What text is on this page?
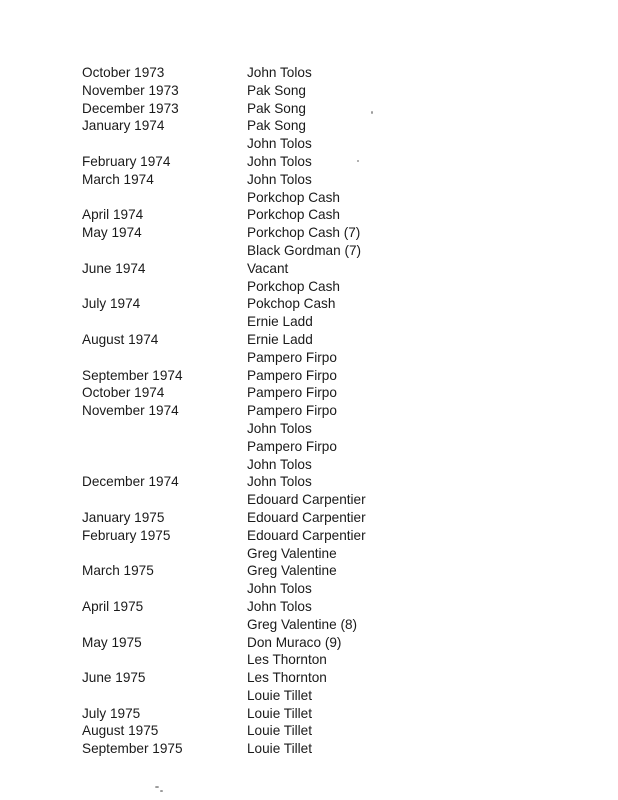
October 1973	John Tolos
November 1973	Pak Song
December 1973	Pak Song
January 1974	Pak Song
John Tolos
February 1974	John Tolos
March 1974	John Tolos
Porkchop Cash
April 1974	Porkchop Cash
May 1974	Porkchop Cash (7)
Black Gordman (7)
June 1974	Vacant
Porkchop Cash
July 1974	Pokchop Cash
Ernie Ladd
August 1974	Ernie Ladd
Pampero Firpo
September 1974	Pampero Firpo
October 1974	Pampero Firpo
November 1974	Pampero Firpo
John Tolos
Pampero Firpo
John Tolos
December 1974	John Tolos
Edouard Carpentier
January 1975	Edouard Carpentier
February 1975	Edouard Carpentier
Greg Valentine
March 1975	Greg Valentine
John Tolos
April 1975	John Tolos
Greg Valentine (8)
May 1975	Don Muraco (9)
Les Thornton
June 1975	Les Thornton
Louie Tillet
July 1975	Louie Tillet
August 1975	Louie Tillet
September 1975	Louie Tillet
